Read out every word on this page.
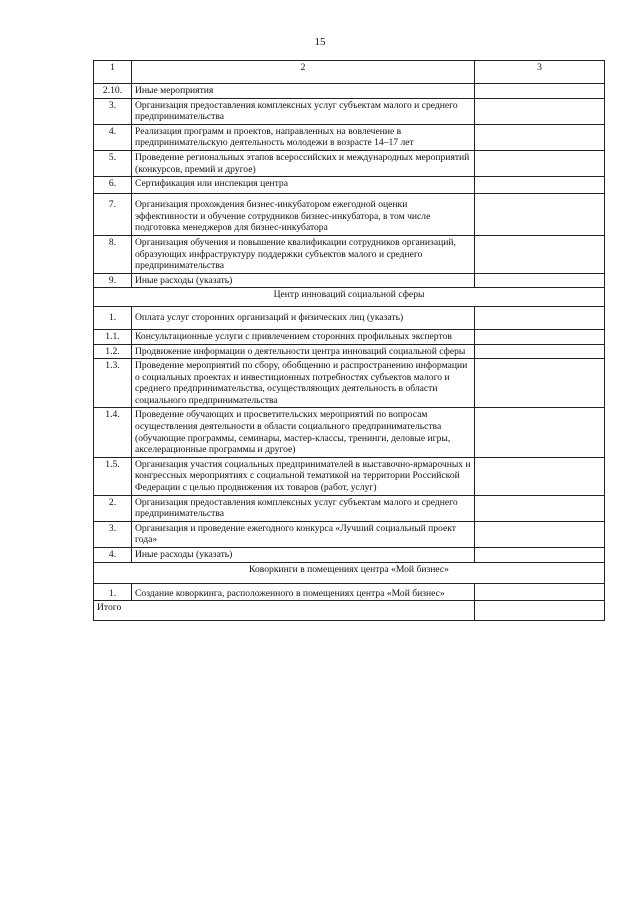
15
1	2	3
2.10.	Иные мероприятия	
3.	Организация предоставления комплексных услуг субъектам малого и среднего предпринимательства	
4.	Реализация программ и проектов, направленных на вовлечение в предпринимательскую деятельность молодежи в возрасте 14–17 лет	
5.	Проведение региональных этапов всероссийских и международных мероприятий (конкурсов, премий и другое)	
6.	Сертификация или инспекция центра	
7.	Организация прохождения бизнес-инкубатором ежегодной оценки эффективности и обучение сотрудников бизнес-инкубатора, в том числе подготовка менеджеров для бизнес-инкубатора	
8.	Организация обучения и повышение квалификации сотрудников организаций, образующих инфраструктуру поддержки субъектов малого и среднего предпринимательства	
9.	Иные расходы (указать)	
Центр инноваций социальной сферы		
1.	Оплата услуг сторонних организаций и физических лиц (указать)	
1.1.	Консультационные услуги с привлечением сторонних профильных экспертов	
1.2.	Продвижение информации о деятельности центра инноваций социальной сферы	
1.3.	Проведение мероприятий по сбору, обобщению и распространению информации о социальных проектах и инвестиционных потребностях субъектов малого и среднего предпринимательства, осуществляющих деятельность в области социального предпринимательства	
1.4.	Проведение обучающих и просветительских мероприятий по вопросам осуществления деятельности в области социального предпринимательства (обучающие программы, семинары, мастер-классы, тренинги, деловые игры, акселерационные программы и другое)	
1.5.	Организация участия социальных предпринимателей в выставочно-ярмарочных и конгрессных мероприятиях с социальной тематикой на территории Российской Федерации с целью продвижения их товаров (работ, услуг)	
2.	Организация предоставления комплексных услуг субъектам малого и среднего предпринимательства	
3.	Организация и проведение ежегодного конкурса «Лучший социальный проект года»	
4.	Иные расходы (указать)	
Коворкинги в помещениях центра «Мой бизнес»		
1.	Создание коворкинга, расположенного в помещениях центра «Мой бизнес»	
Итого		
